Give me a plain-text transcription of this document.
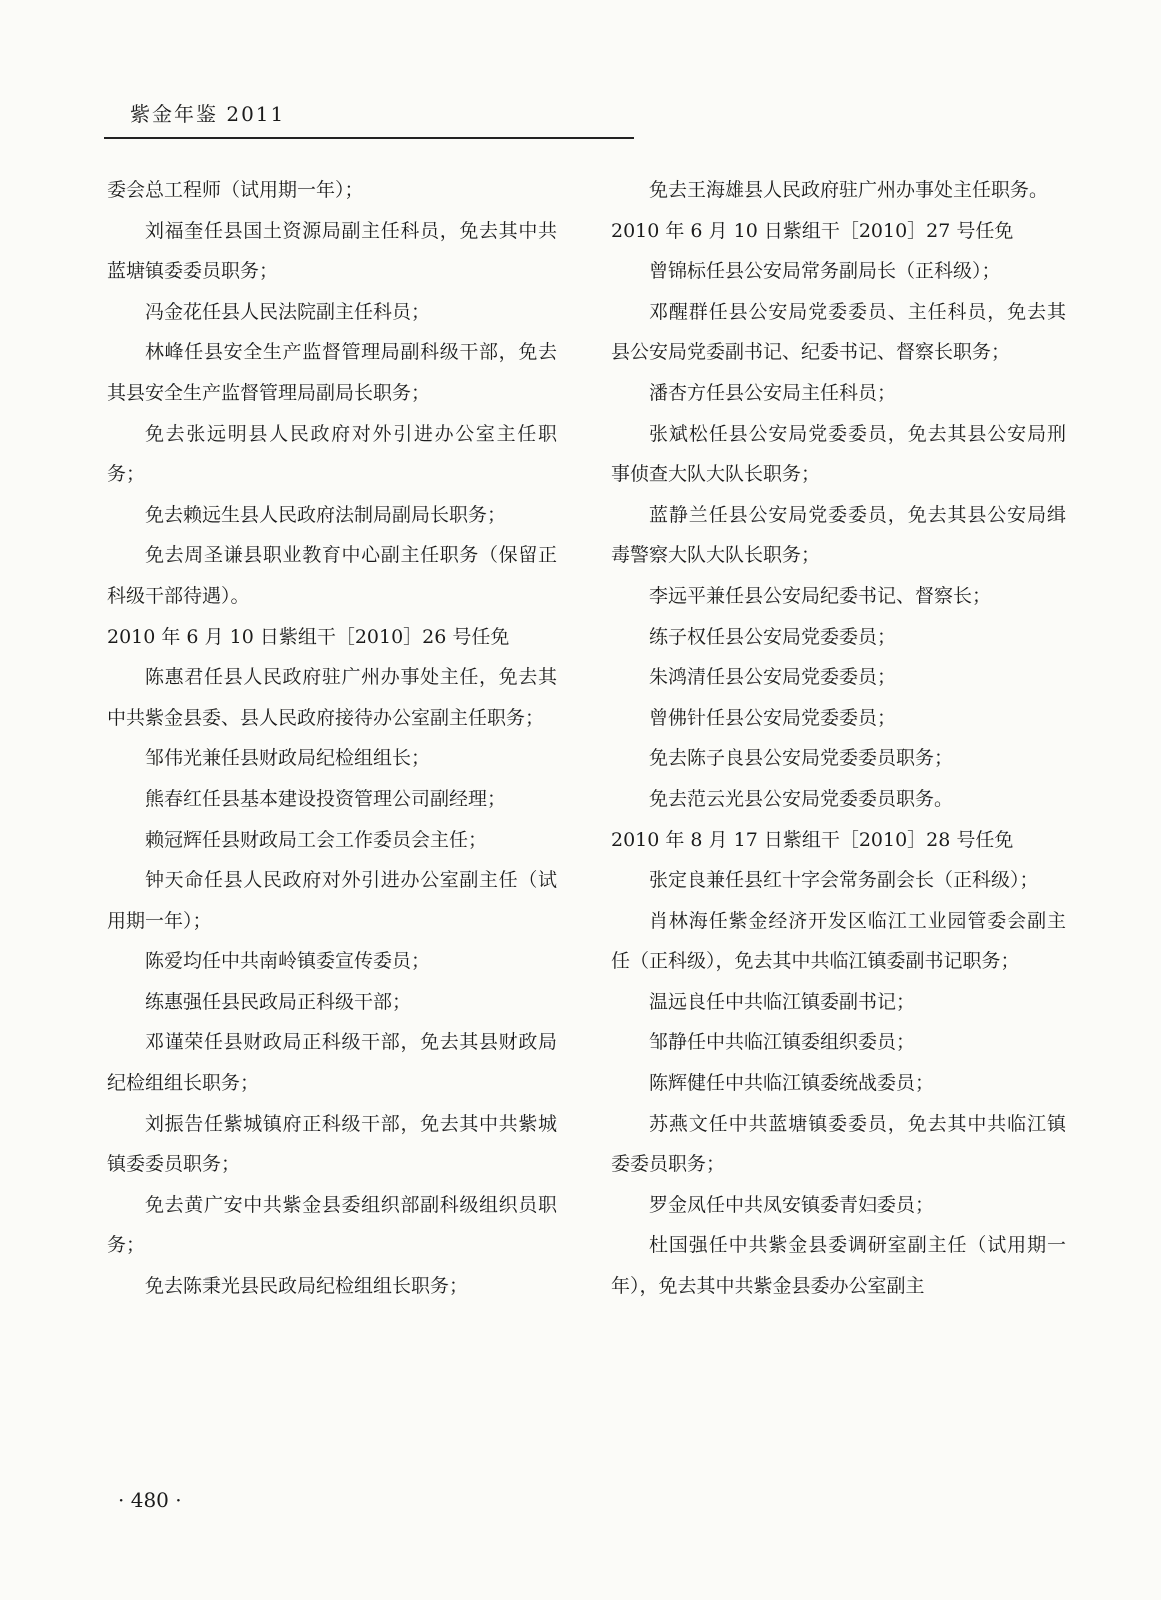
紫金年鉴 2011

委会总工程师（试用期一年）；

刘福奎任县国土资源局副主任科员，免去其中共蓝塘镇委委员职务；

冯金花任县人民法院副主任科员；

林峰任县安全生产监督管理局副科级干部，免去其县安全生产监督管理局副局长职务；

免去张远明县人民政府对外引进办公室主任职务；

免去赖远生县人民政府法制局副局长职务；

免去周圣谦县职业教育中心副主任职务（保留正科级干部待遇）。

2010 年 6 月 10 日紫组干［2010］26 号任免

陈惠君任县人民政府驻广州办事处主任，免去其中共紫金县委、县人民政府接待办公室副主任职务；

邹伟光兼任县财政局纪检组组长；

熊春红任县基本建设投资管理公司副经理；

赖冠辉任县财政局工会工作委员会主任；

钟天命任县人民政府对外引进办公室副主任（试用期一年）；

陈爱均任中共南岭镇委宣传委员；

练惠强任县民政局正科级干部；

邓谨荣任县财政局正科级干部，免去其县财政局纪检组组长职务；

刘振告任紫城镇府正科级干部，免去其中共紫城镇委委员职务；

免去黄广安中共紫金县委组织部副科级组织员职务；

免去陈秉光县民政局纪检组组长职务；

免去王海雄县人民政府驻广州办事处主任职务。

2010 年 6 月 10 日紫组干［2010］27 号任免

曾锦标任县公安局常务副局长（正科级）；

邓醒群任县公安局党委委员、主任科员，免去其县公安局党委副书记、纪委书记、督察长职务；

潘杏方任县公安局主任科员；

张斌松任县公安局党委委员，免去其县公安局刑事侦查大队大队长职务；

蓝静兰任县公安局党委委员，免去其县公安局缉毒警察大队大队长职务；

李远平兼任县公安局纪委书记、督察长；

练子权任县公安局党委委员；

朱鸿清任县公安局党委委员；

曾佛针任县公安局党委委员；

免去陈子良县公安局党委委员职务；

免去范云光县公安局党委委员职务。

2010 年 8 月 17 日紫组干［2010］28 号任免

张定良兼任县红十字会常务副会长（正科级）；

肖林海任紫金经济开发区临江工业园管委会副主任（正科级），免去其中共临江镇委副书记职务；

温远良任中共临江镇委副书记；

邹静任中共临江镇委组织委员；

陈辉健任中共临江镇委统战委员；

苏燕文任中共蓝塘镇委委员，免去其中共临江镇委委员职务；

罗金凤任中共凤安镇委青妇委员；

杜国强任中共紫金县委调研室副主任（试用期一年），免去其中共紫金县委办公室副主

· 480 ·
